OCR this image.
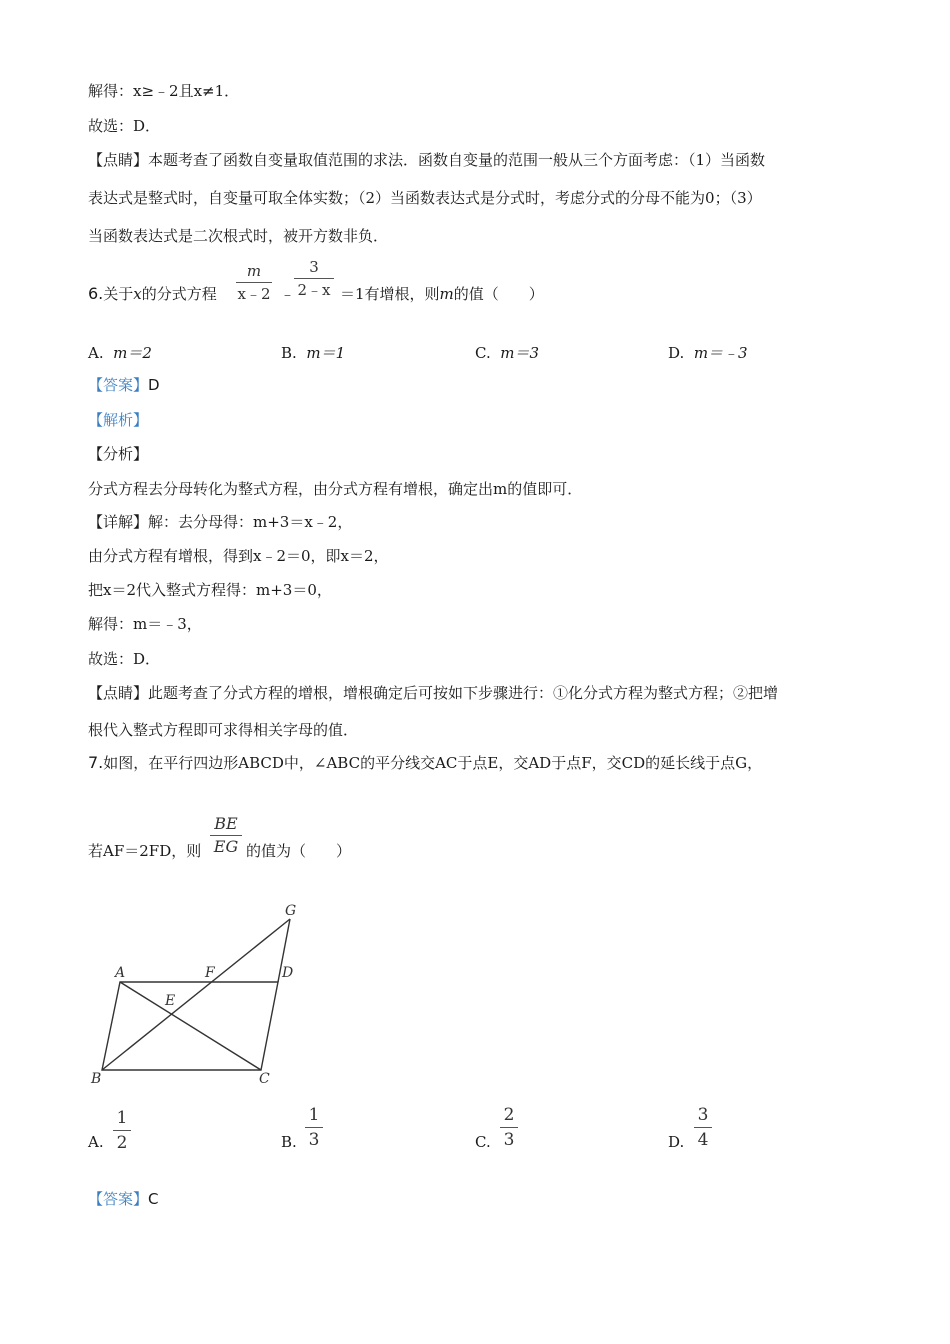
解得：x≥﹣2且x≠1．
故选：D．
【点睛】本题考查了函数自变量取值范围的求法．函数自变量的范围一般从三个方面考虑：（1）当函数
表达式是整式时，自变量可取全体实数；（2）当函数表达式是分式时，考虑分式的分母不能为0；（3）
当函数表达式是二次根式时，被开方数非负．
6.关于x的分式方程
m
x﹣2 ﹣
3
2﹣x ＝1有增根，则m的值（　　）
A. m＝2	B. m＝1	C. m＝3	D. m＝﹣3
【答案】D
【解析】
【分析】
分式方程去分母转化为整式方程，由分式方程有增根，确定出m的值即可．
【详解】解：去分母得：m+3＝x﹣2，
由分式方程有增根，得到x﹣2＝0，即x＝2，
把x＝2代入整式方程得：m+3＝0，
解得：m＝﹣3，
故选：D．
【点睛】此题考查了分式方程的增根，增根确定后可按如下步骤进行：①化分式方程为整式方程；②把增
根代入整式方程即可求得相关字母的值．
7.如图，在平行四边形ABCD中，∠ABC的平分线交AC于点E，交AD于点F，交CD的延长线于点G，
若AF＝2FD，则
BE
EG 的值为（　　）
A	F	D
E
G
B	C
A.
1
2	B.
1
3	C.
2
3	D.
3
4
【答案】C
